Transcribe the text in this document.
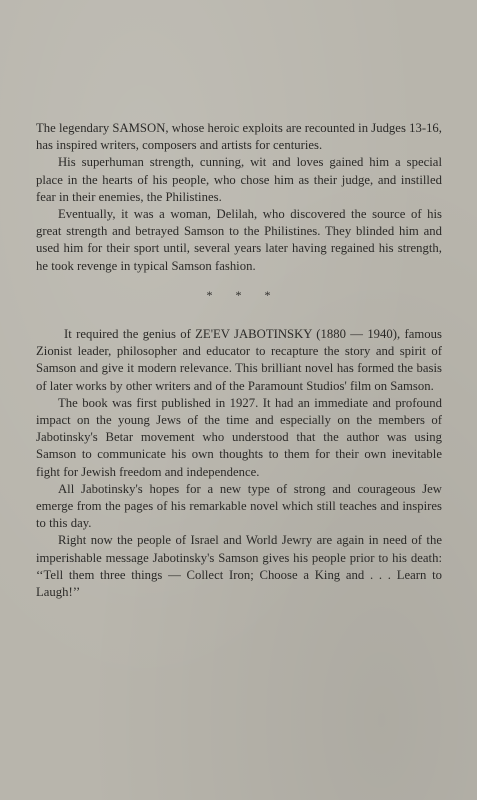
The legendary SAMSON, whose heroic exploits are recounted in Judges 13-16, has inspired writers, composers and artists for centuries.

His superhuman strength, cunning, wit and loves gained him a special place in the hearts of his people, who chose him as their judge, and instilled fear in their enemies, the Philistines.

Eventually, it was a woman, Delilah, who discovered the source of his great strength and betrayed Samson to the Philistines. They blinded him and used him for their sport until, several years later having regained his strength, he took revenge in typical Samson fashion.

* * *

It required the genius of ZE'EV JABOTINSKY (1880 — 1940), famous Zionist leader, philosopher and educator to recapture the story and spirit of Samson and give it modern relevance. This brilliant novel has formed the basis of later works by other writers and of the Paramount Studios' film on Samson.

The book was first published in 1927. It had an immediate and profound impact on the young Jews of the time and especially on the members of Jabotinsky's Betar movement who understood that the author was using Samson to communicate his own thoughts to them for their own inevitable fight for Jewish freedom and independence.

All Jabotinsky's hopes for a new type of strong and courageous Jew emerge from the pages of his remarkable novel which still teaches and inspires to this day.

Right now the people of Israel and World Jewry are again in need of the imperishable message Jabotinsky's Samson gives his people prior to his death: ‘‘Tell them three things — Collect Iron; Choose a King and . . . Learn to Laugh!’’
